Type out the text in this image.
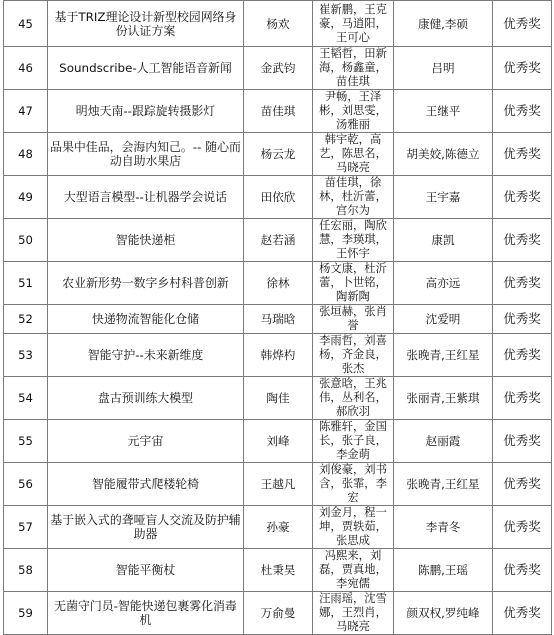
45	基于TRIZ理论设计新型校园网络身份认证方案	杨欢	崔新鹏，王克豪，马逍阳，王可心	康健,李硕	优秀奖
46	Soundscribe-人工智能语音新闻	金武钧	王韬哲，田新海，杨鑫童，苗佳琪	吕明	优秀奖
47	明烛天南--跟踪旋转摄影灯	苗佳琪	尹畅，王泽彬，刘思雯，汤雅丽	王继平	优秀奖
48	品果中佳品，会海内知己。-- 随心而动自助水果店	杨云龙	韩宇乾，高艺，陈思名，马晓亮	胡美姣,陈德立	优秀奖
49	大型语言模型--让机器学会说话	田依欣	苗佳琪，徐林，杜沂蕾，宫尔为	王宇嘉	优秀奖
50	智能快递柜	赵若涵	任宏丽，陶欣慧，李瑛琪，王怀宇	康凯	优秀奖
51	农业新形势一数字乡村科普创新	徐林	杨文康，杜沂蕾，卜世铭，陶新陶	高亦远	优秀奖
52	快递物流智能化仓储	马瑞晗	张垣赫，张肖誉	沈爱明	优秀奖
53	智能守护--未来新维度	韩烨杓	李雨哲，刘喜杨，齐金良，张杰	张晚青,王红星	优秀奖
54	盘古预训练大模型	陶佳	张意晗，王兆伟，丛利名，郝欣羽	张丽青,王紫琪	优秀奖
55	元宇宙	刘峰	陈雅轩，金国长，张子良，李金萌	赵丽霞	优秀奖
56	智能履带式爬楼轮椅	王越凡	刘俊豪，刘书含，张霏，李宏	张晚青,王红星	优秀奖
57	基于嵌入式的聋哑盲人交流及防护辅助器	孙豪	刘金月，程一坤，贾轶茹，张思成	李青冬	优秀奖
58	智能平衡杖	杜秉昊	冯熙来，刘磊，贾真地，李宛儒	陈鹏,王瑶	优秀奖
59	无菌守门员-智能快递包裹雾化消毒机	万俞曼	汪雨瑶，沈雪娜，王烈肖，马晓亮	颜双权,罗纯峰	优秀奖
